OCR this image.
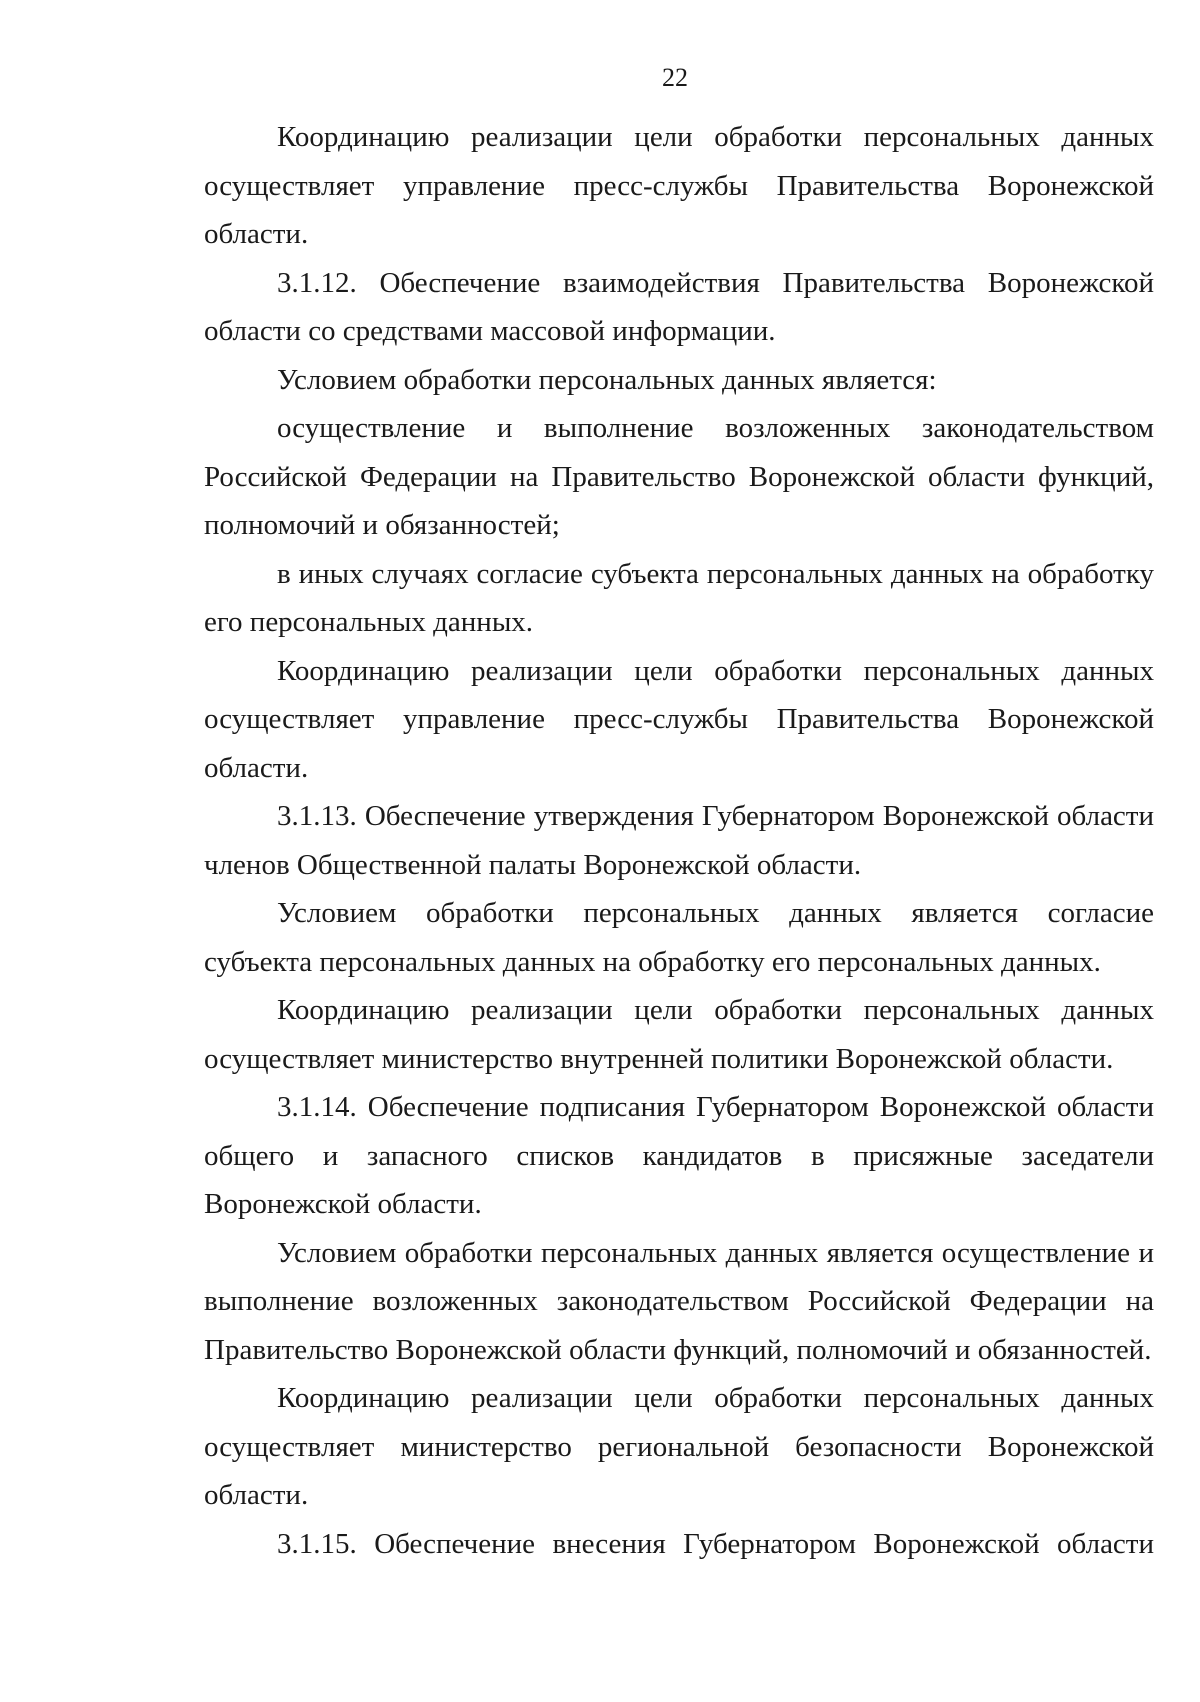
22

Координацию реализации цели обработки персональных данных осуществляет управление пресс-службы Правительства Воронежской области.

3.1.12. Обеспечение взаимодействия Правительства Воронежской области со средствами массовой информации.

Условием обработки персональных данных является:

осуществление и выполнение возложенных законодательством Российской Федерации на Правительство Воронежской области функций, полномочий и обязанностей;

в иных случаях согласие субъекта персональных данных на обработку его персональных данных.

Координацию реализации цели обработки персональных данных осуществляет управление пресс-службы Правительства Воронежской области.

3.1.13. Обеспечение утверждения Губернатором Воронежской области членов Общественной палаты Воронежской области.

Условием обработки персональных данных является согласие субъекта персональных данных на обработку его персональных данных.

Координацию реализации цели обработки персональных данных осуществляет министерство внутренней политики Воронежской области.

3.1.14. Обеспечение подписания Губернатором Воронежской области общего и запасного списков кандидатов в присяжные заседатели Воронежской области.

Условием обработки персональных данных является осуществление и выполнение возложенных законодательством Российской Федерации на Правительство Воронежской области функций, полномочий и обязанностей.

Координацию реализации цели обработки персональных данных осуществляет министерство региональной безопасности Воронежской области.

3.1.15. Обеспечение внесения Губернатором Воронежской области
